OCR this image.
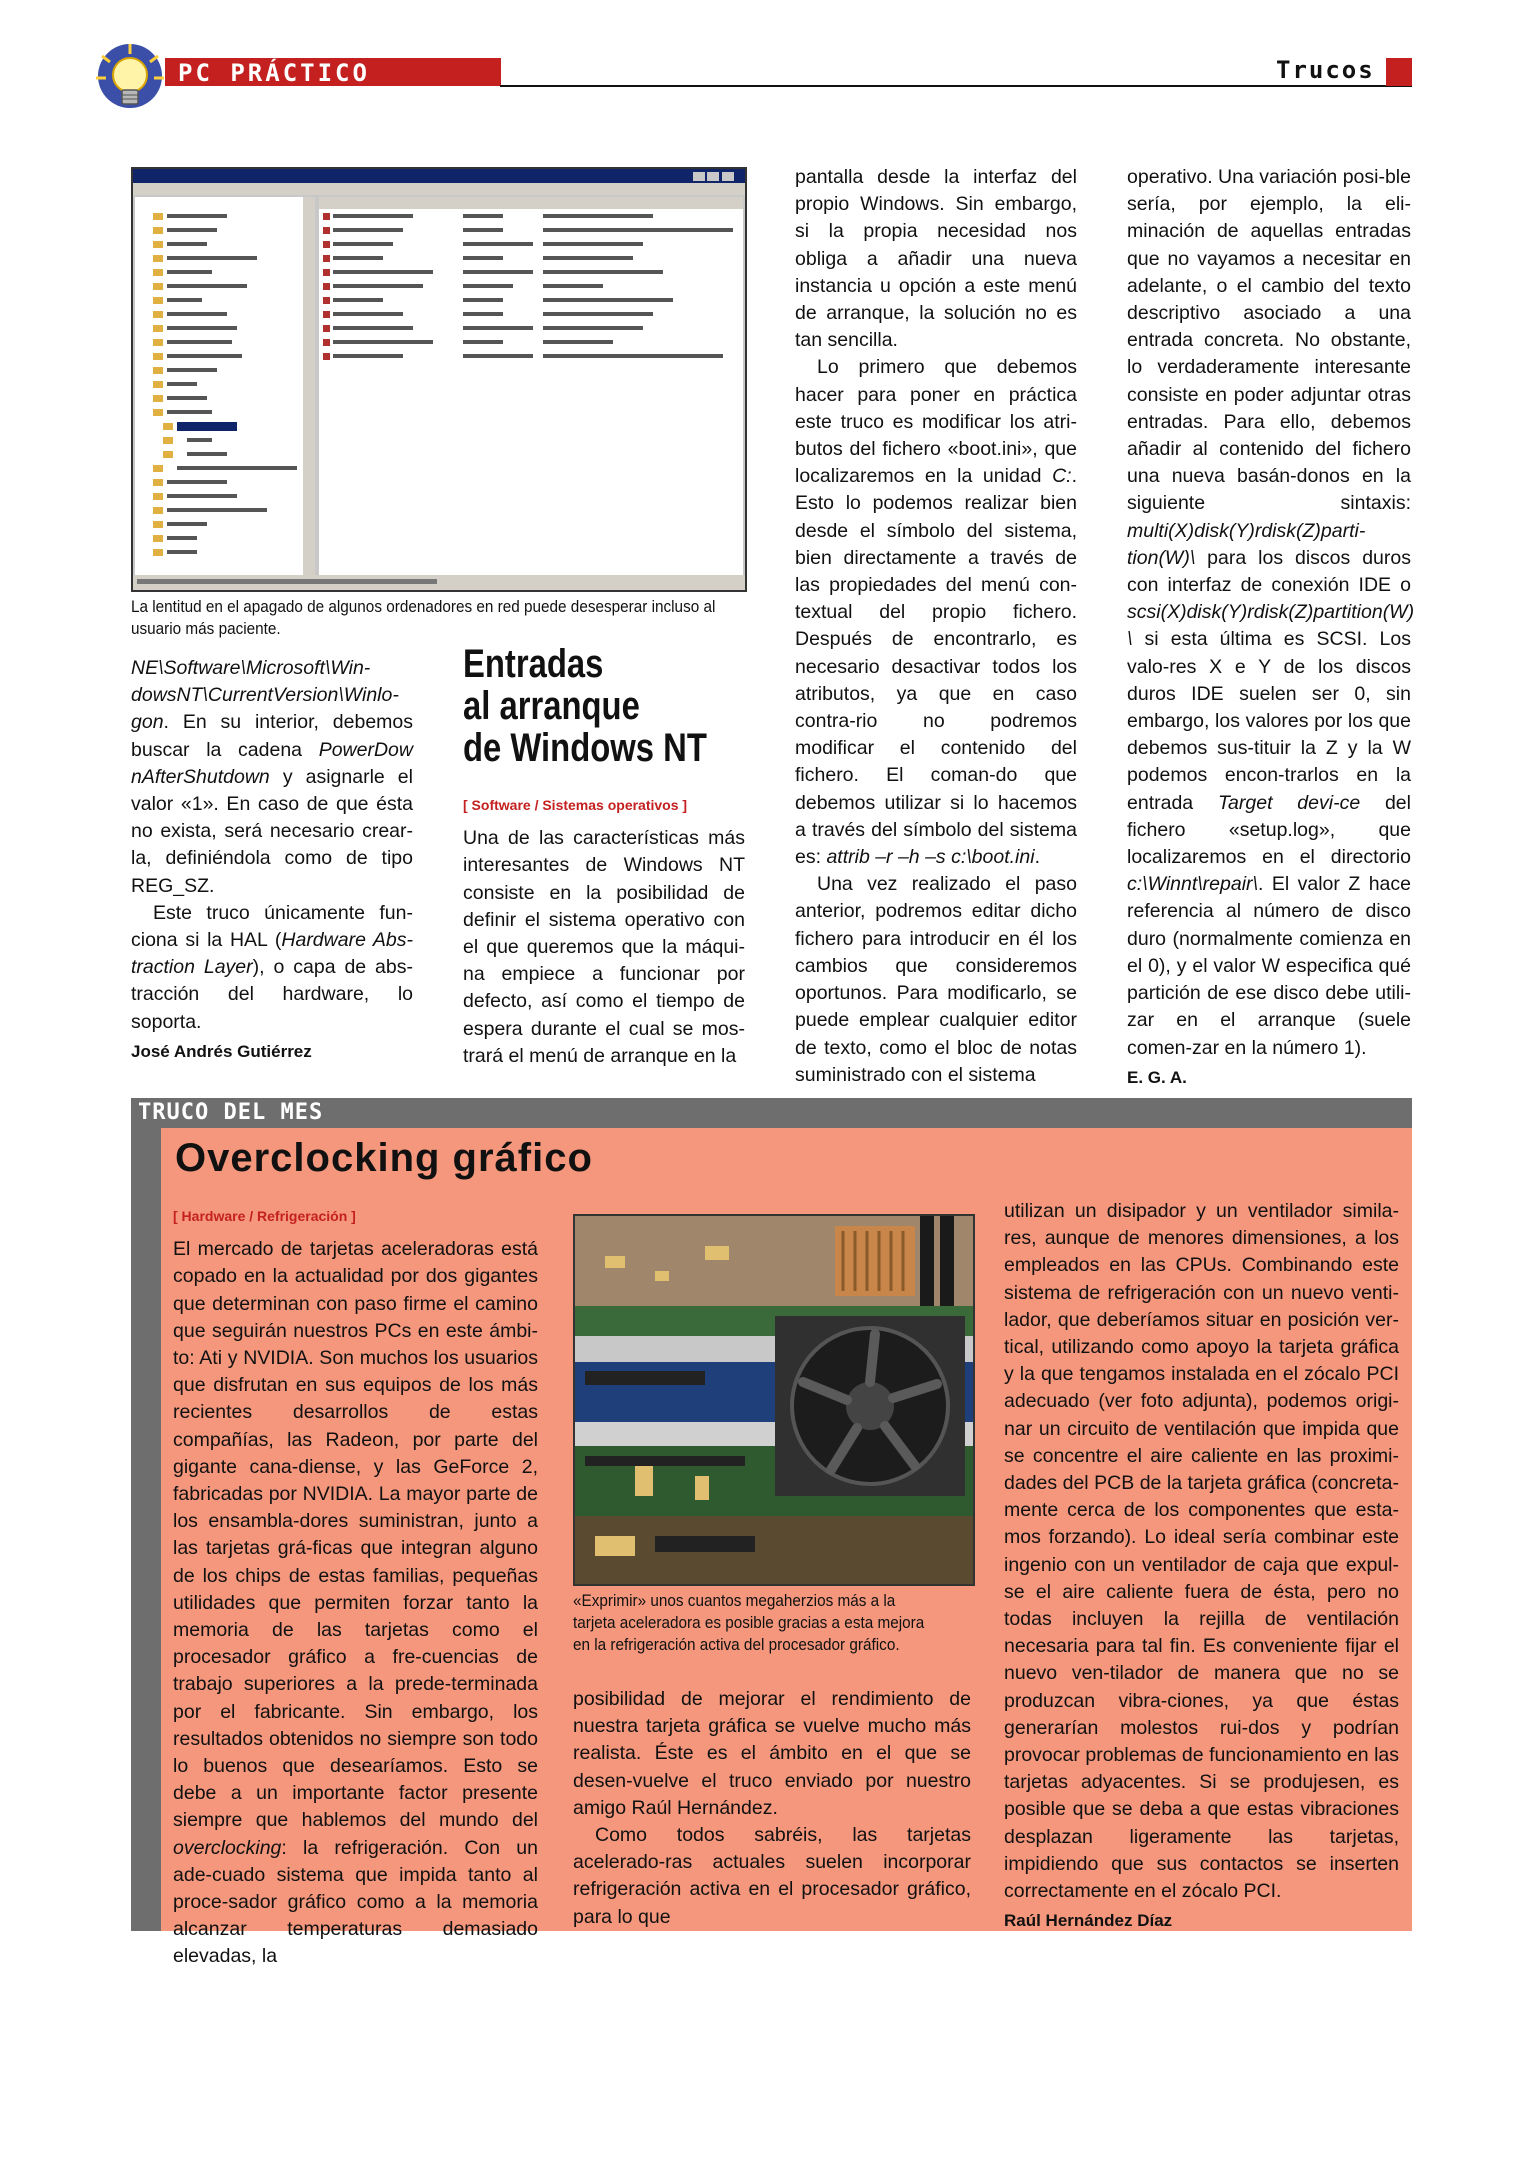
PC PRÁCTICO	Trucos
La lentitud en el apagado de algunos ordenadores en red puede desesperar incluso al usuario más paciente.

NE\Software\Microsoft\Win-dowsNT\CurrentVersion\Winlo-gon. En su interior, debemos buscar la cadena PowerDow nAfterShutdown y asignarle el valor «1». En caso de que ésta no exista, será necesario crear-la, definiéndola como de tipo REG_SZ.

Este truco únicamente fun-ciona si la HAL (Hardware Abs-traction Layer), o capa de abs-tracción del hardware, lo soporta.

José Andrés Gutiérrez
Entradas
al arranque
de Windows NT
[ Software / Sistemas operativos ]

Una de las características más interesantes de Windows NT consiste en la posibilidad de definir el sistema operativo con el que queremos que la máqui-na empiece a funcionar por defecto, así como el tiempo de espera durante el cual se mos-trará el menú de arranque en la

pantalla desde la interfaz del propio Windows. Sin embargo, si la propia necesidad nos obliga a añadir una nueva instancia u opción a este menú de arranque, la solución no es tan sencilla.

Lo primero que debemos hacer para poner en práctica este truco es modificar los atri-butos del fichero «boot.ini», que localizaremos en la unidad C:. Esto lo podemos realizar bien desde el símbolo del sistema, bien directamente a través de las propiedades del menú con-textual del propio fichero. Después de encontrarlo, es necesario desactivar todos los atributos, ya que en caso contra-rio no podremos modificar el contenido del fichero. El coman-do que debemos utilizar si lo hacemos a través del símbolo del sistema es: attrib –r –h –s c:\boot.ini.

Una vez realizado el paso anterior, podremos editar dicho fichero para introducir en él los cambios que consideremos oportunos. Para modificarlo, se puede emplear cualquier editor de texto, como el bloc de notas suministrado con el sistema

operativo. Una variación posi-ble sería, por ejemplo, la eli-minación de aquellas entradas que no vayamos a necesitar en adelante, o el cambio del texto descriptivo asociado a una entrada concreta. No obstante, lo verdaderamente interesante consiste en poder adjuntar otras entradas. Para ello, debemos añadir al contenido del fichero una nueva basán-donos en la siguiente sintaxis: multi(X)disk(Y)rdisk(Z)parti-tion(W)\ para los discos duros con interfaz de conexión IDE o scsi(X)disk(Y)rdisk(Z)partition(W) \ si esta última es SCSI. Los valo-res X e Y de los discos duros IDE suelen ser 0, sin embargo, los valores por los que debemos sus-tituir la Z y la W podemos encon-trarlos en la entrada Target devi-ce del fichero «setup.log», que localizaremos en el directorio c:\Winnt\repair\. El valor Z hace referencia al número de disco duro (normalmente comienza en el 0), y el valor W especifica qué partición de ese disco debe utili-zar en el arranque (suele comen-zar en la número 1).

E. G. A.
TRUCO DEL MES
Overclocking gráfico
[ Hardware / Refrigeración ]

El mercado de tarjetas aceleradoras está copado en la actualidad por dos gigantes que determinan con paso firme el camino que seguirán nuestros PCs en este ámbi-to: Ati y NVIDIA. Son muchos los usuarios que disfrutan en sus equipos de los más recientes desarrollos de estas compañías, las Radeon, por parte del gigante cana-diense, y las GeForce 2, fabricadas por NVIDIA. La mayor parte de los ensambla-dores suministran, junto a las tarjetas grá-ficas que integran alguno de los chips de estas familias, pequeñas utilidades que permiten forzar tanto la memoria de las tarjetas como el procesador gráfico a fre-cuencias de trabajo superiores a la prede-terminada por el fabricante. Sin embargo, los resultados obtenidos no siempre son todo lo buenos que desearíamos. Esto se debe a un importante factor presente siempre que hablemos del mundo del overclocking: la refrigeración. Con un ade-cuado sistema que impida tanto al proce-sador gráfico como a la memoria alcanzar temperaturas demasiado elevadas, la

«Exprimir» unos cuantos megaherzios más a la tarjeta aceleradora es posible gracias a esta mejora en la refrigeración activa del procesador gráfico.

posibilidad de mejorar el rendimiento de nuestra tarjeta gráfica se vuelve mucho más realista. Éste es el ámbito en el que se desen-vuelve el truco enviado por nuestro amigo Raúl Hernández.

Como todos sabréis, las tarjetas acelerado-ras actuales suelen incorporar refrigeración activa en el procesador gráfico, para lo que

utilizan un disipador y un ventilador simila-res, aunque de menores dimensiones, a los empleados en las CPUs. Combinando este sistema de refrigeración con un nuevo venti-lador, que deberíamos situar en posición ver-tical, utilizando como apoyo la tarjeta gráfica y la que tengamos instalada en el zócalo PCI adecuado (ver foto adjunta), podemos origi-nar un circuito de ventilación que impida que se concentre el aire caliente en las proximi-dades del PCB de la tarjeta gráfica (concreta-mente cerca de los componentes que esta-mos forzando). Lo ideal sería combinar este ingenio con un ventilador de caja que expul-se el aire caliente fuera de ésta, pero no todas incluyen la rejilla de ventilación necesaria para tal fin. Es conveniente fijar el nuevo ven-tilador de manera que no se produzcan vibra-ciones, ya que éstas generarían molestos rui-dos y podrían provocar problemas de funcionamiento en las tarjetas adyacentes. Si se produjesen, es posible que se deba a que estas vibraciones desplazan ligeramente las tarjetas, impidiendo que sus contactos se inserten correctamente en el zócalo PCI.

Raúl Hernández Díaz
